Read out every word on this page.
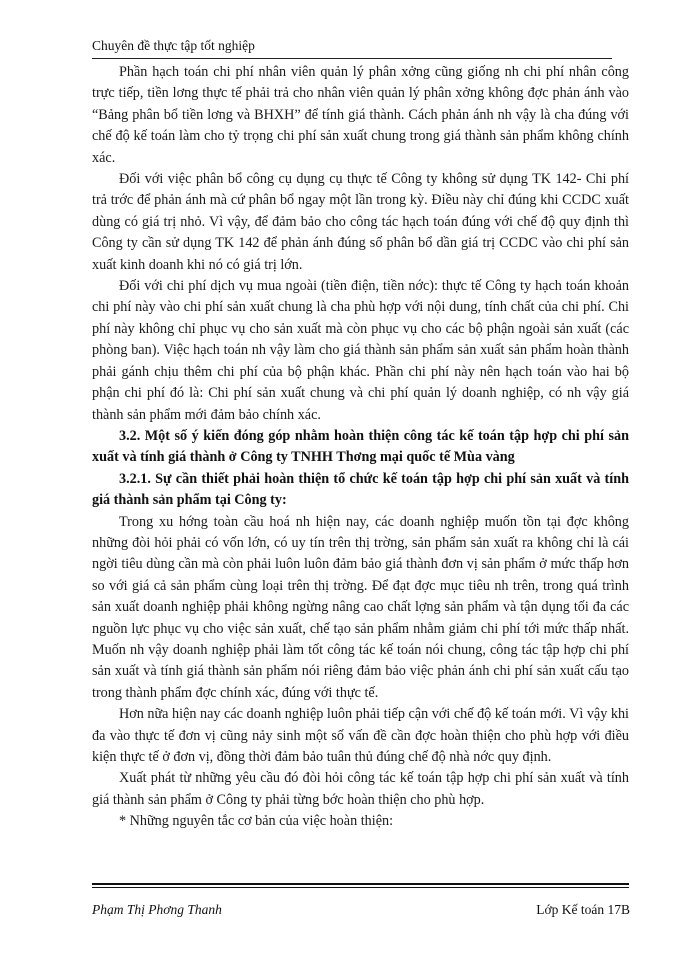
Chuyên đề thực tập tốt nghiệp

Phần hạch toán chi phí nhân viên quản lý phân xởng cũng giống nh chi phí nhân công trực tiếp, tiền lơng thực tế phải trả cho nhân viên quản lý phân xởng không đợc phản ánh vào “Bảng phân bổ tiền lơng và BHXH” để tính giá thành. Cách phản ánh nh vậy là cha đúng với chế độ kế toán làm cho tỷ trọng chi phí sản xuất chung trong giá thành sản phẩm không chính xác.

Đối với việc phân bổ công cụ dụng cụ thực tế Công ty không sử dụng TK 142- Chi phí trả trớc để phản ánh mà cứ phân bổ ngay một lần trong kỳ. Điều này chỉ đúng khi CCDC xuất dùng có giá trị nhỏ. Vì vậy, để đảm bảo cho công tác hạch toán đúng với chế độ quy định thì Công ty cần sử dụng TK 142 để phản ánh đúng số phân bổ dần giá trị CCDC vào chi phí sản xuất kinh doanh khi nó có giá trị lớn.

Đối với chi phí dịch vụ mua ngoài (tiền điện, tiền nớc): thực tế Công ty hạch toán khoản chi phí này vào chi phí sản xuất chung là cha phù hợp với nội dung, tính chất của chi phí. Chi phí này không chỉ phục vụ cho sản xuất mà còn phục vụ cho các bộ phận ngoài sản xuất (các phòng ban). Việc hạch toán nh vậy làm cho giá thành sản phẩm sản xuất sản phẩm hoàn thành phải gánh chịu thêm chi phí của bộ phận khác. Phần chi phí này nên hạch toán vào hai bộ phận chi phí đó là: Chi phí sản xuất chung và chi phí quản lý doanh nghiệp, có nh vậy giá thành sản phẩm mới đảm bảo chính xác.

3.2. Một số ý kiến đóng góp nhằm hoàn thiện công tác kế toán tập hợp chi phí sản xuất và tính giá thành ở Công ty TNHH Thơng mại quốc tế Mùa vàng

3.2.1. Sự cần thiết phải hoàn thiện tổ chức kế toán tập hợp chi phí sản xuất và tính giá thành sản phẩm tại Công ty:

Trong xu hớng toàn cầu hoá nh hiện nay, các doanh nghiệp muốn tồn tại đợc không những đòi hỏi phải có vốn lớn, có uy tín trên thị trờng, sản phẩm sản xuất ra không chỉ là cái ngời tiêu dùng cần mà còn phải luôn luôn đảm bảo giá thành đơn vị sản phẩm ở mức thấp hơn so với giá cả sản phẩm cùng loại trên thị trờng. Để đạt đợc mục tiêu nh trên, trong quá trình sản xuất doanh nghiệp phải không ngừng nâng cao chất lợng sản phẩm và tận dụng tối đa các nguồn lực phục vụ cho việc sản xuất, chế tạo sản phẩm nhằm giảm chi phí tới mức thấp nhất. Muốn nh vậy doanh nghiệp phải làm tốt công tác kế toán nói chung, công tác tập hợp chi phí sản xuất và tính giá thành sản phẩm nói riêng đảm bảo việc phản ánh chi phí sản xuất cấu tạo trong thành phẩm đợc chính xác, đúng với thực tế.

Hơn nữa hiện nay các doanh nghiệp luôn phải tiếp cận với chế độ kế toán mới. Vì vậy khi đa vào thực tế đơn vị cũng nảy sinh một số vấn đề cần đợc hoàn thiện cho phù hợp với điều kiện thực tế ở đơn vị, đồng thời đảm bảo tuân thủ đúng chế độ nhà nớc quy định.

Xuất phát từ những yêu cầu đó đòi hỏi công tác kế toán tập hợp chi phí sản xuất và tính giá thành sản phẩm ở Công ty phải từng bớc hoàn thiện cho phù hợp.

* Những nguyên tắc cơ bản của việc hoàn thiện:

Phạm Thị Phơng Thanh	Lớp Kế toán 17B
